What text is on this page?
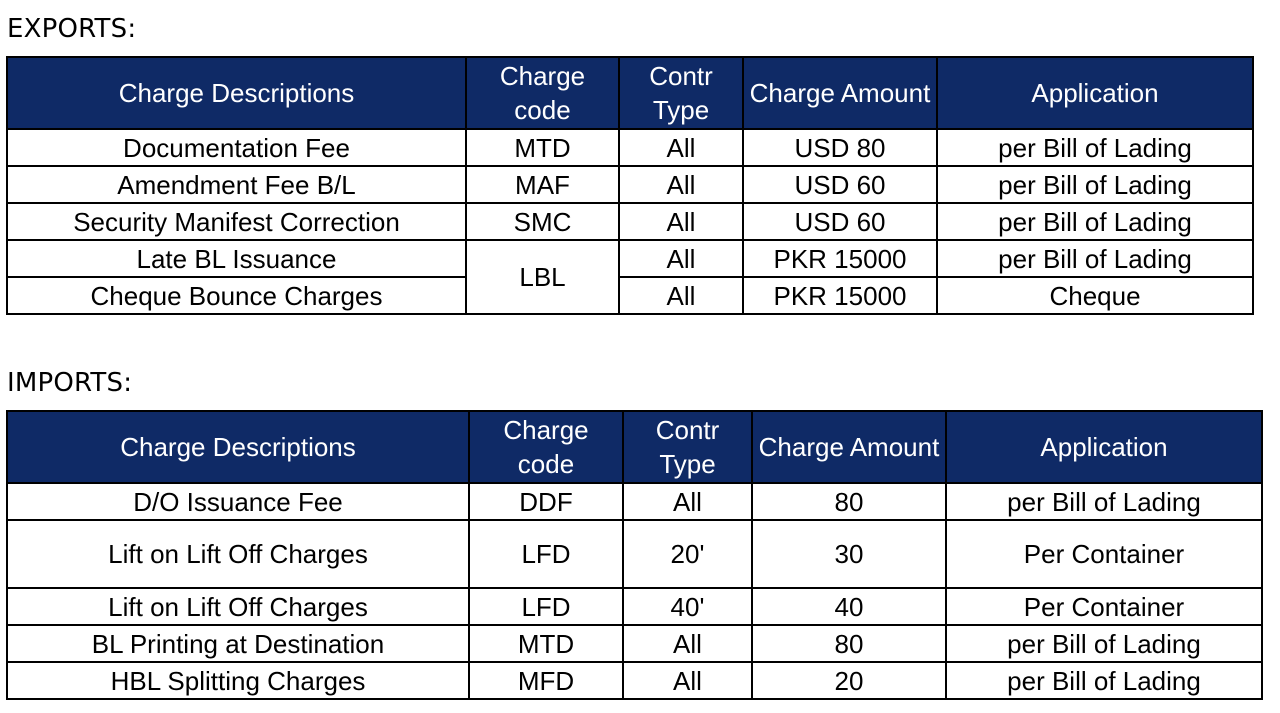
EXPORTS:
Charge Descriptions	Charge code	Contr Type	Charge Amount	Application
Documentation Fee	MTD	All	USD 80	per Bill of Lading
Amendment Fee B/L	MAF	All	USD 60	per Bill of Lading
Security Manifest Correction	SMC	All	USD 60	per Bill of Lading
Late BL Issuance	LBL	All	PKR 15000	per Bill of Lading
Cheque Bounce Charges		All	PKR 15000	Cheque
IMPORTS:
Charge Descriptions	Charge code	Contr Type	Charge Amount	Application
D/O Issuance Fee	DDF	All	80	per Bill of Lading
Lift on Lift Off Charges	LFD	20'	30	Per Container
Lift on Lift Off Charges	LFD	40'	40	Per Container
BL Printing at Destination	MTD	All	80	per Bill of Lading
HBL Splitting Charges	MFD	All	20	per Bill of Lading
